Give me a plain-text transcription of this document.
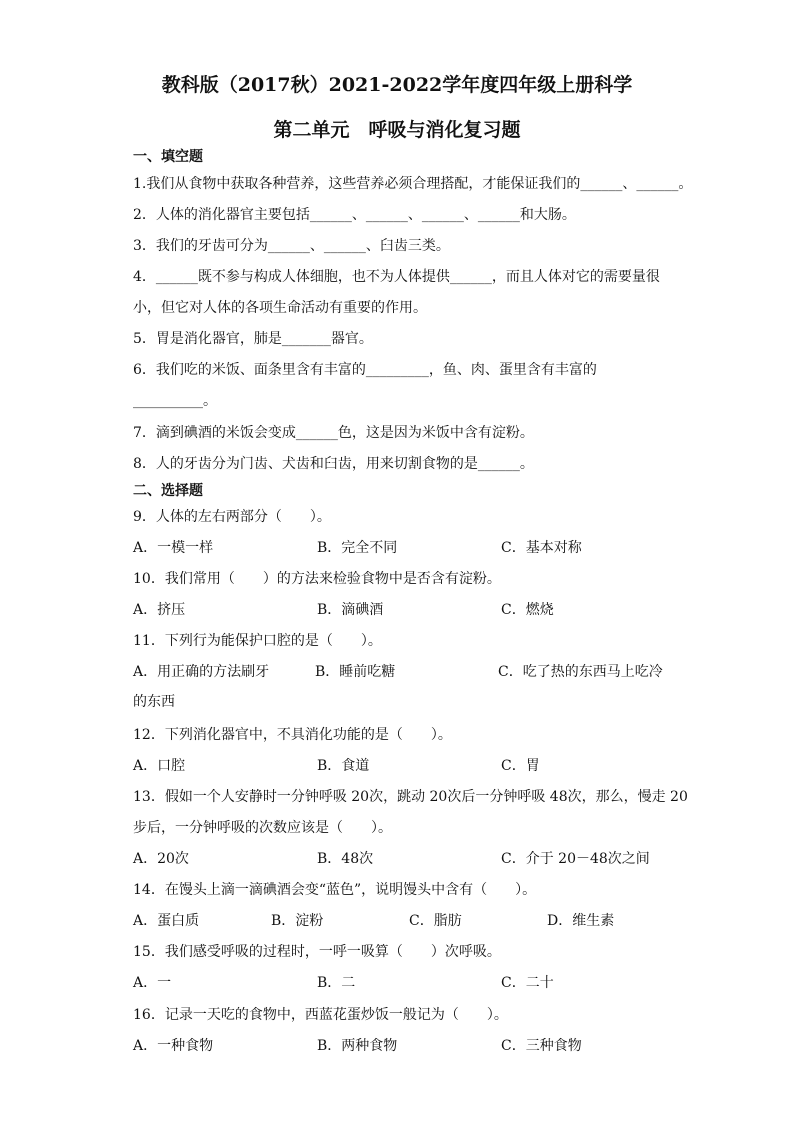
教科版（2017秋）2021-2022学年度四年级上册科学
第二单元　呼吸与消化复习题
一、填空题
1.我们从食物中获取各种营养，这些营养必须合理搭配，才能保证我们的______、______。
2．人体的消化器官主要包括______、______、______、______和大肠。
3．我们的牙齿可分为______、______、臼齿三类。
4．______既不参与构成人体细胞，也不为人体提供______，而且人体对它的需要量很
小，但它对人体的各项生命活动有重要的作用。
5．胃是消化器官，肺是_______器官。
6．我们吃的米饭、面条里含有丰富的_________，鱼、肉、蛋里含有丰富的
__________。
7．滴到碘酒的米饭会变成______色，这是因为米饭中含有淀粉。
8．人的牙齿分为门齿、犬齿和臼齿，用来切割食物的是______。
二、选择题
9．人体的左右两部分（　　）。
A．一模一样	B．完全不同	C．基本对称
10．我们常用（　　）的方法来检验食物中是否含有淀粉。
A．挤压	B．滴碘酒	C．燃烧
11．下列行为能保护口腔的是（　　）。
A．用正确的方法刷牙	B．睡前吃糖	C．吃了热的东西马上吃冷
的东西
12．下列消化器官中，不具消化功能的是（　　）。
A．口腔	B．食道	C．胃
13．假如一个人安静时一分钟呼吸 20次，跳动 20次后一分钟呼吸 48次，那么，慢走 20
步后，一分钟呼吸的次数应该是（　　）。
A．20次	B．48次	C．介于 20－48次之间
14．在馒头上滴一滴碘酒会变“蓝色”，说明馒头中含有（　　）。
A．蛋白质	B．淀粉	C．脂肪	D．维生素
15．我们感受呼吸的过程时，一呼一吸算（　　）次呼吸。
A．一	B．二	C．二十
16．记录一天吃的食物中，西蓝花蛋炒饭一般记为（　　）。
A．一种食物	B．两种食物	C．三种食物
